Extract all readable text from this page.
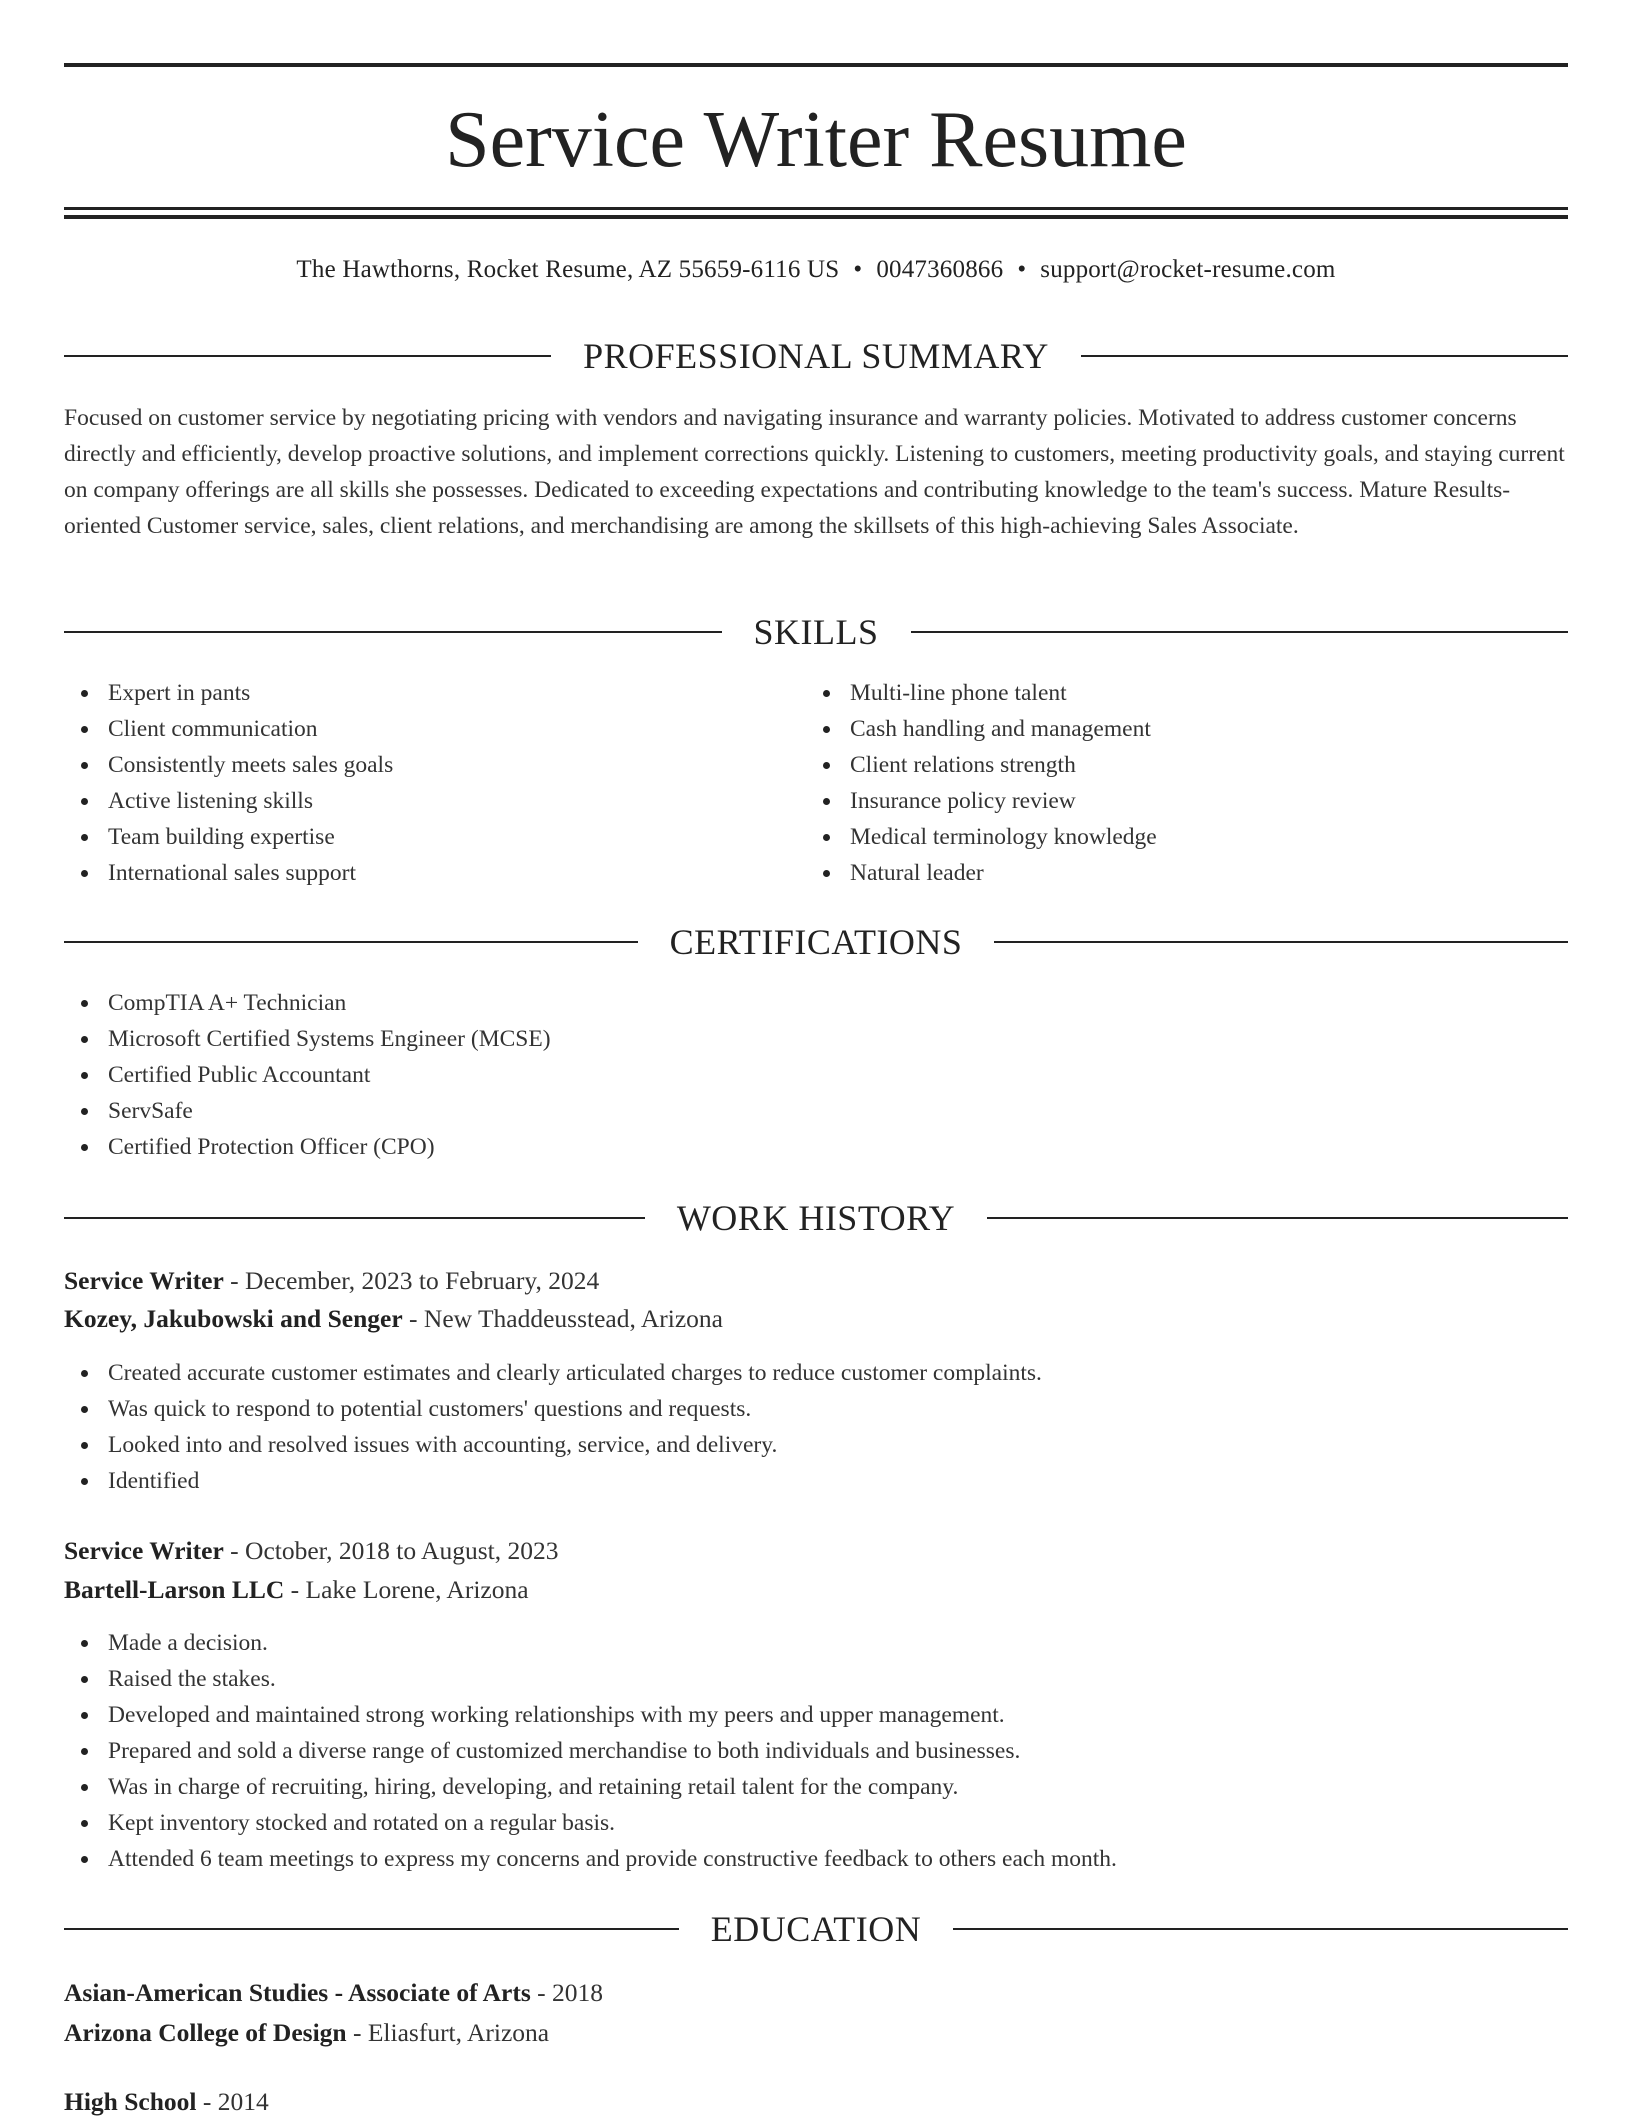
Service Writer Resume
The Hawthorns, Rocket Resume, AZ 55659-6116 US • 0047360866 • support@rocket-resume.com
PROFESSIONAL SUMMARY

Focused on customer service by negotiating pricing with vendors and navigating insurance and warranty policies. Motivated to address customer concerns directly and efficiently, develop proactive solutions, and implement corrections quickly. Listening to customers, meeting productivity goals, and staying current on company offerings are all skills she possesses. Dedicated to exceeding expectations and contributing knowledge to the team's success. Mature Results-oriented Customer service, sales, client relations, and merchandising are among the skillsets of this high-achieving Sales Associate.

SKILLS
Expert in pants
Client communication
Consistently meets sales goals
Active listening skills
Team building expertise
International sales support
Multi-line phone talent
Cash handling and management
Client relations strength
Insurance policy review
Medical terminology knowledge
Natural leader
CERTIFICATIONS
CompTIA A+ Technician
Microsoft Certified Systems Engineer (MCSE)
Certified Public Accountant
ServSafe
Certified Protection Officer (CPO)
WORK HISTORY
Service Writer - December, 2023 to February, 2024
Kozey, Jakubowski and Senger - New Thaddeusstead, Arizona
Created accurate customer estimates and clearly articulated charges to reduce customer complaints.
Was quick to respond to potential customers' questions and requests.
Looked into and resolved issues with accounting, service, and delivery.
Identified
Service Writer - October, 2018 to August, 2023
Bartell-Larson LLC - Lake Lorene, Arizona
Made a decision.
Raised the stakes.
Developed and maintained strong working relationships with my peers and upper management.
Prepared and sold a diverse range of customized merchandise to both individuals and businesses.
Was in charge of recruiting, hiring, developing, and retaining retail talent for the company.
Kept inventory stocked and rotated on a regular basis.
Attended 6 team meetings to express my concerns and provide constructive feedback to others each month.
EDUCATION
Asian-American Studies - Associate of Arts - 2018
Arizona College of Design - Eliasfurt, Arizona
High School - 2014
